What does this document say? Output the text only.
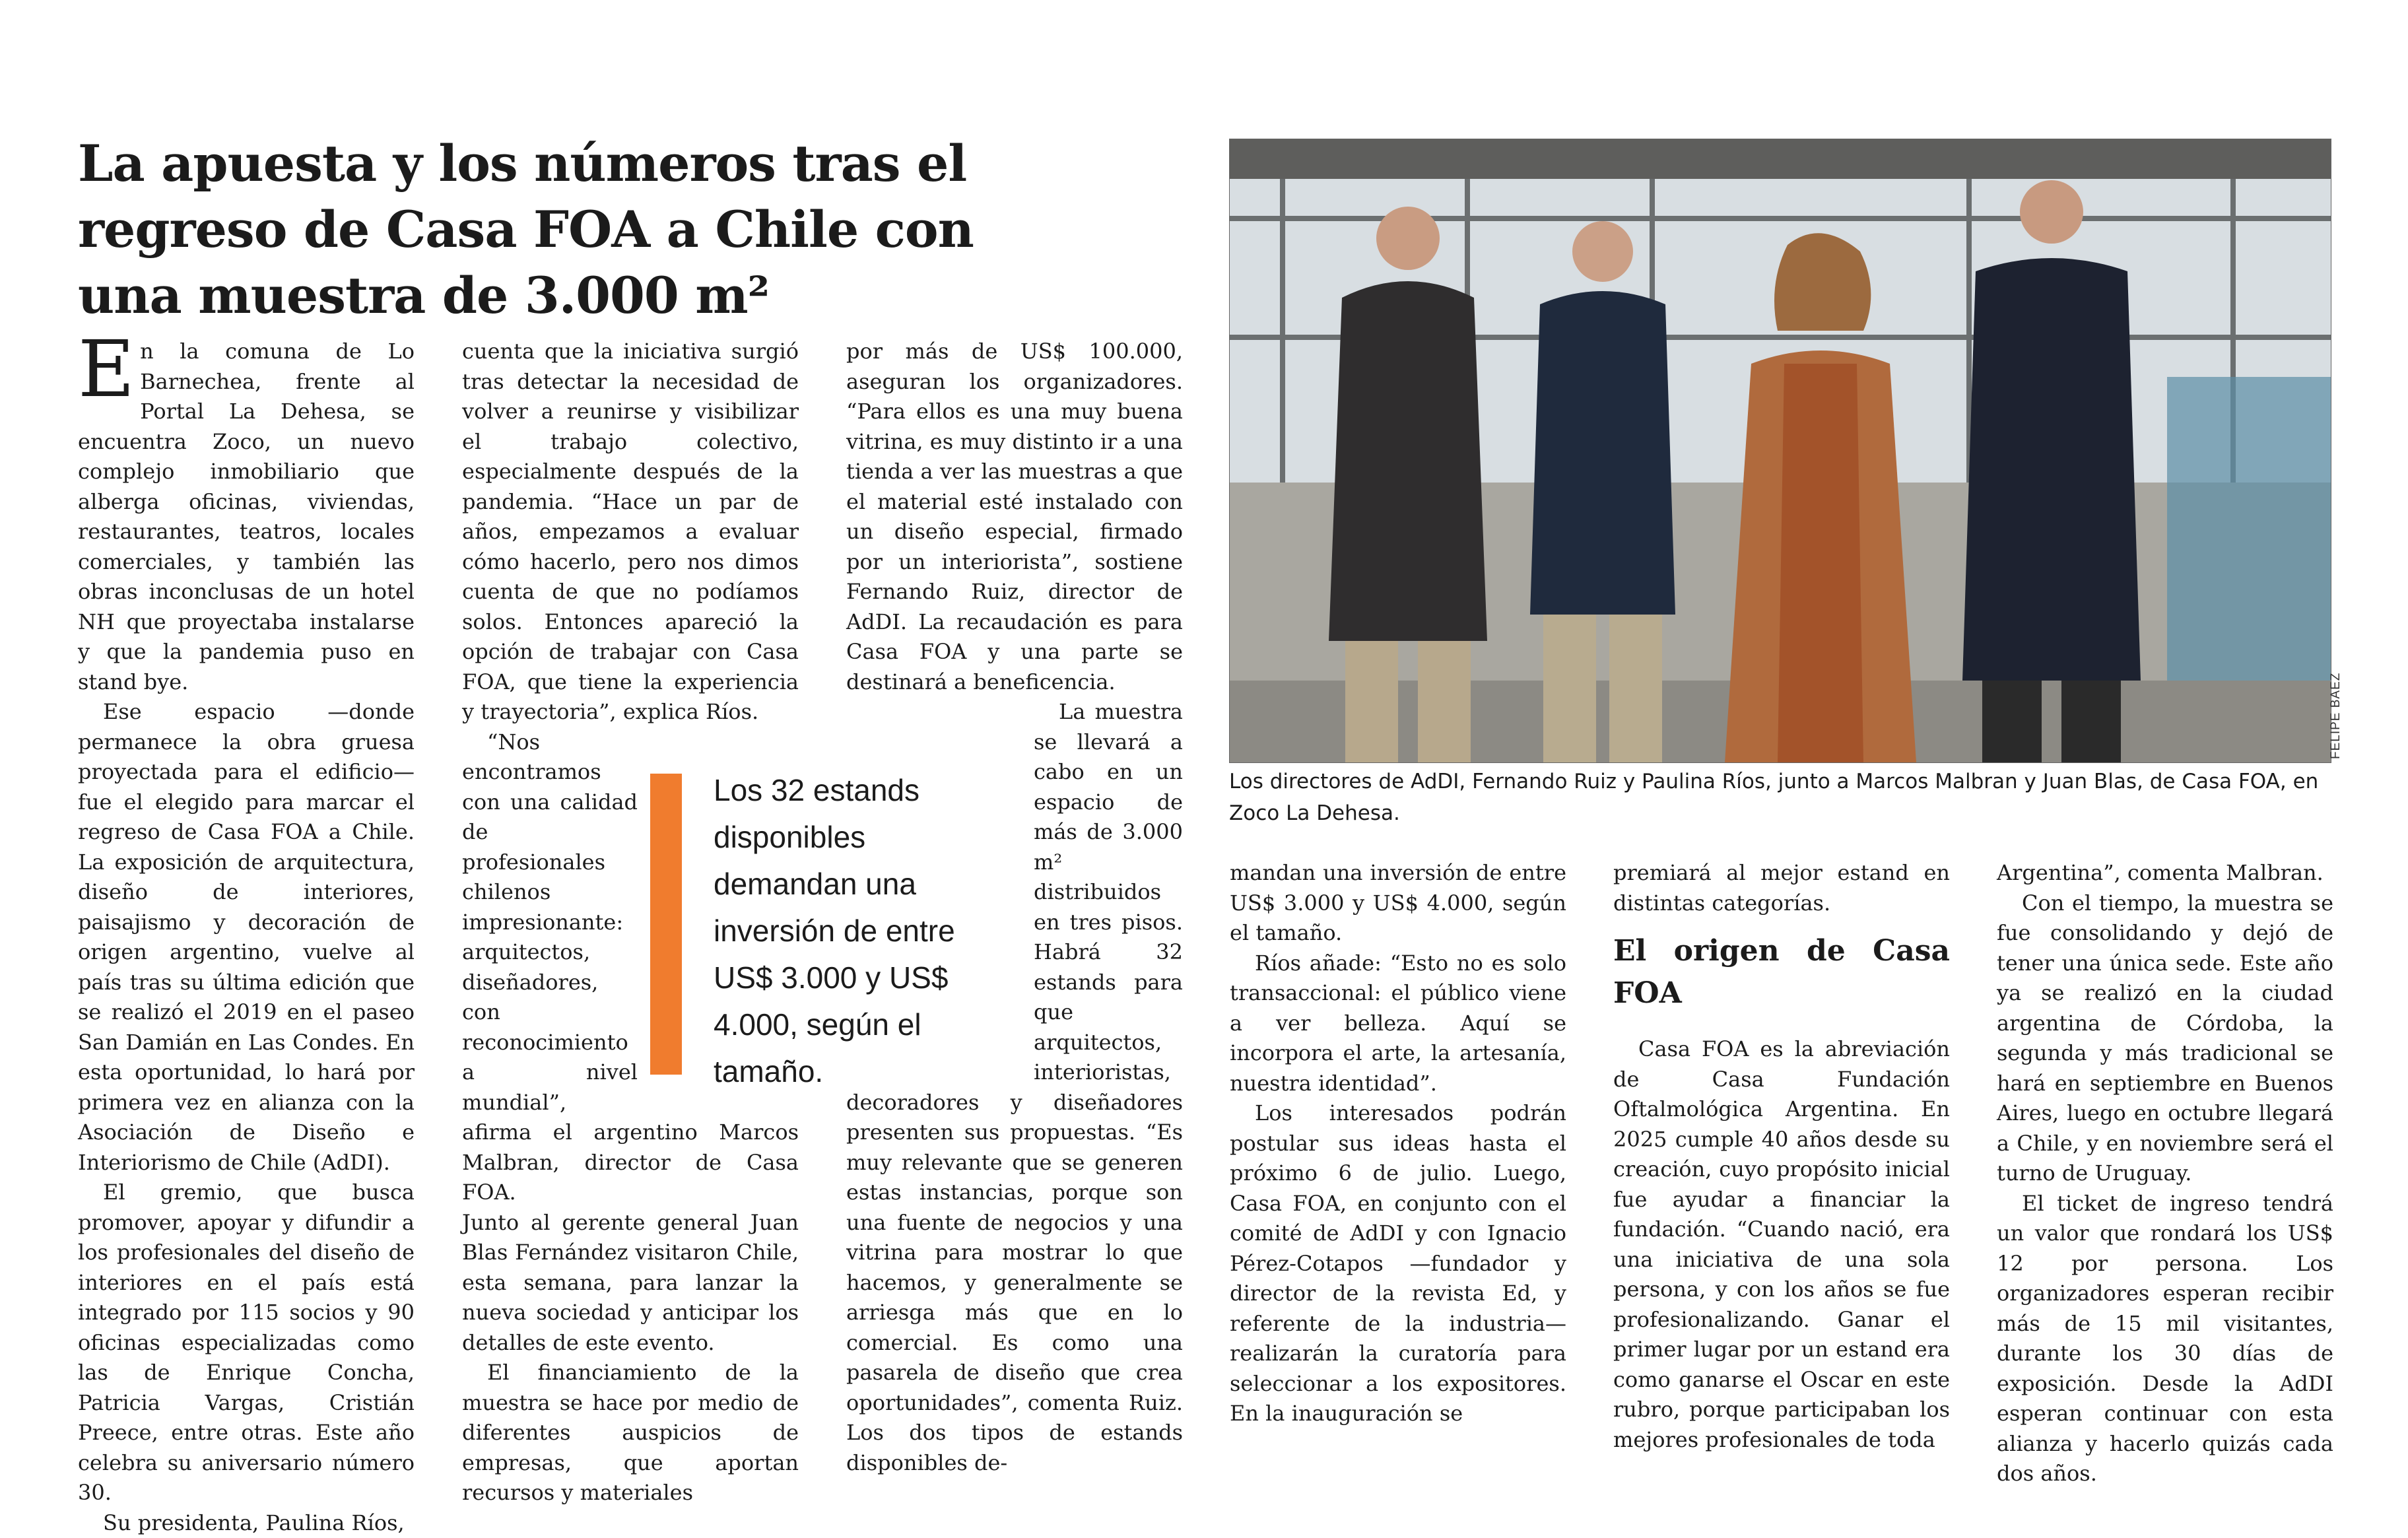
La apuesta y los números tras el regreso de Casa FOA a Chile con una muestra de 3.000 m²

En la comuna de Lo Barnechea, frente al Portal La Dehesa, se encuentra Zoco, un nuevo complejo inmobiliario que alberga oficinas, viviendas, restaurantes, teatros, locales comerciales, y también las obras inconclusas de un hotel NH que proyectaba instalarse y que la pandemia puso en stand bye.

Ese espacio —donde permanece la obra gruesa proyectada para el edificio— fue el elegido para marcar el regreso de Casa FOA a Chile. La exposición de arquitectura, diseño de interiores, paisajismo y decoración de origen argentino, vuelve al país tras su última edición que se realizó el 2019 en el paseo San Damián en Las Condes. En esta oportunidad, lo hará por primera vez en alianza con la Asociación de Diseño e Interiorismo de Chile (AdDI).

El gremio, que busca promover, apoyar y difundir a los profesionales del diseño de interiores en el país está integrado por 115 socios y 90 oficinas especializadas como las de Enrique Concha, Patricia Vargas, Cristián Preece, entre otras. Este año celebra su aniversario número 30.

Su presidenta, Paulina Ríos,

cuenta que la iniciativa surgió tras detectar la necesidad de volver a reunirse y visibilizar el trabajo colectivo, especialmente después de la pandemia. “Hace un par de años, empezamos a evaluar cómo hacerlo, pero nos dimos cuenta de que no podíamos solos. Entonces apareció la opción de trabajar con Casa FOA, que tiene la experiencia y trayectoria”, explica Ríos.

“Nos encontramos con una calidad de profesionales chilenos impresionante: arquitectos, diseñadores, con reconocimiento a nivel mundial”, afirma el argentino Marcos Malbran, director de Casa FOA.

Junto al gerente general Juan Blas Fernández visitaron Chile, esta semana, para lanzar la nueva sociedad y anticipar los detalles de este evento.

El financiamiento de la muestra se hace por medio de diferentes auspicios de empresas, que aportan recursos y materiales

por más de US$ 100.000, aseguran los organizadores. “Para ellos es una muy buena vitrina, es muy distinto ir a una tienda a ver las muestras a que el material esté instalado con un diseño especial, firmado por un interiorista”, sostiene Fernando Ruiz, director de AdDI. La recaudación es para Casa FOA y una parte se destinará a beneficencia.

La muestra se llevará a cabo en un espacio de más de 3.000 m² distribuidos en tres pisos. Habrá 32 estands para que arquitectos, interioristas, decoradores y diseñadores presenten sus propuestas. “Es muy relevante que se generen estas instancias, porque son una fuente de negocios y una vitrina para mostrar lo que hacemos, y generalmente se arriesga más que en lo comercial. Es como una pasarela de diseño que crea oportunidades”, comenta Ruiz. Los dos tipos de estands disponibles de-

Los 32 estands disponibles demandan una inversión de entre US$ 3.000 y US$ 4.000, según el tamaño.
FELIPE BAEZ
Los directores de AdDI, Fernando Ruiz y Paulina Ríos, junto a Marcos Malbran y Juan Blas, de Casa FOA, en Zoco La Dehesa.

mandan una inversión de entre US$ 3.000 y US$ 4.000, según el tamaño.

Ríos añade: “Esto no es solo transaccional: el público viene a ver belleza. Aquí se incorpora el arte, la artesanía, nuestra identidad”.

Los interesados podrán postular sus ideas hasta el próximo 6 de julio. Luego, Casa FOA, en conjunto con el comité de AdDI y con Ignacio Pérez-Cotapos —fundador y director de la revista Ed, y referente de la industria— realizarán la curatoría para seleccionar a los expositores. En la inauguración se

premiará al mejor estand en distintas categorías.

El origen de Casa FOA

Casa FOA es la abreviación de Casa Fundación Oftalmológica Argentina. En 2025 cumple 40 años desde su creación, cuyo propósito inicial fue ayudar a financiar la fundación. “Cuando nació, era una iniciativa de una sola persona, y con los años se fue profesionalizando. Ganar el primer lugar por un estand era como ganarse el Oscar en este rubro, porque participaban los mejores profesionales de toda

Argentina”, comenta Malbran.

Con el tiempo, la muestra se fue consolidando y dejó de tener una única sede. Este año ya se realizó en la ciudad argentina de Córdoba, la segunda y más tradicional se hará en septiembre en Buenos Aires, luego en octubre llegará a Chile, y en noviembre será el turno de Uruguay.

El ticket de ingreso tendrá un valor que rondará los US$ 12 por persona. Los organizadores esperan recibir más de 15 mil visitantes, durante los 30 días de exposición. Desde la AdDI esperan continuar con esta alianza y hacerlo quizás cada dos años.
